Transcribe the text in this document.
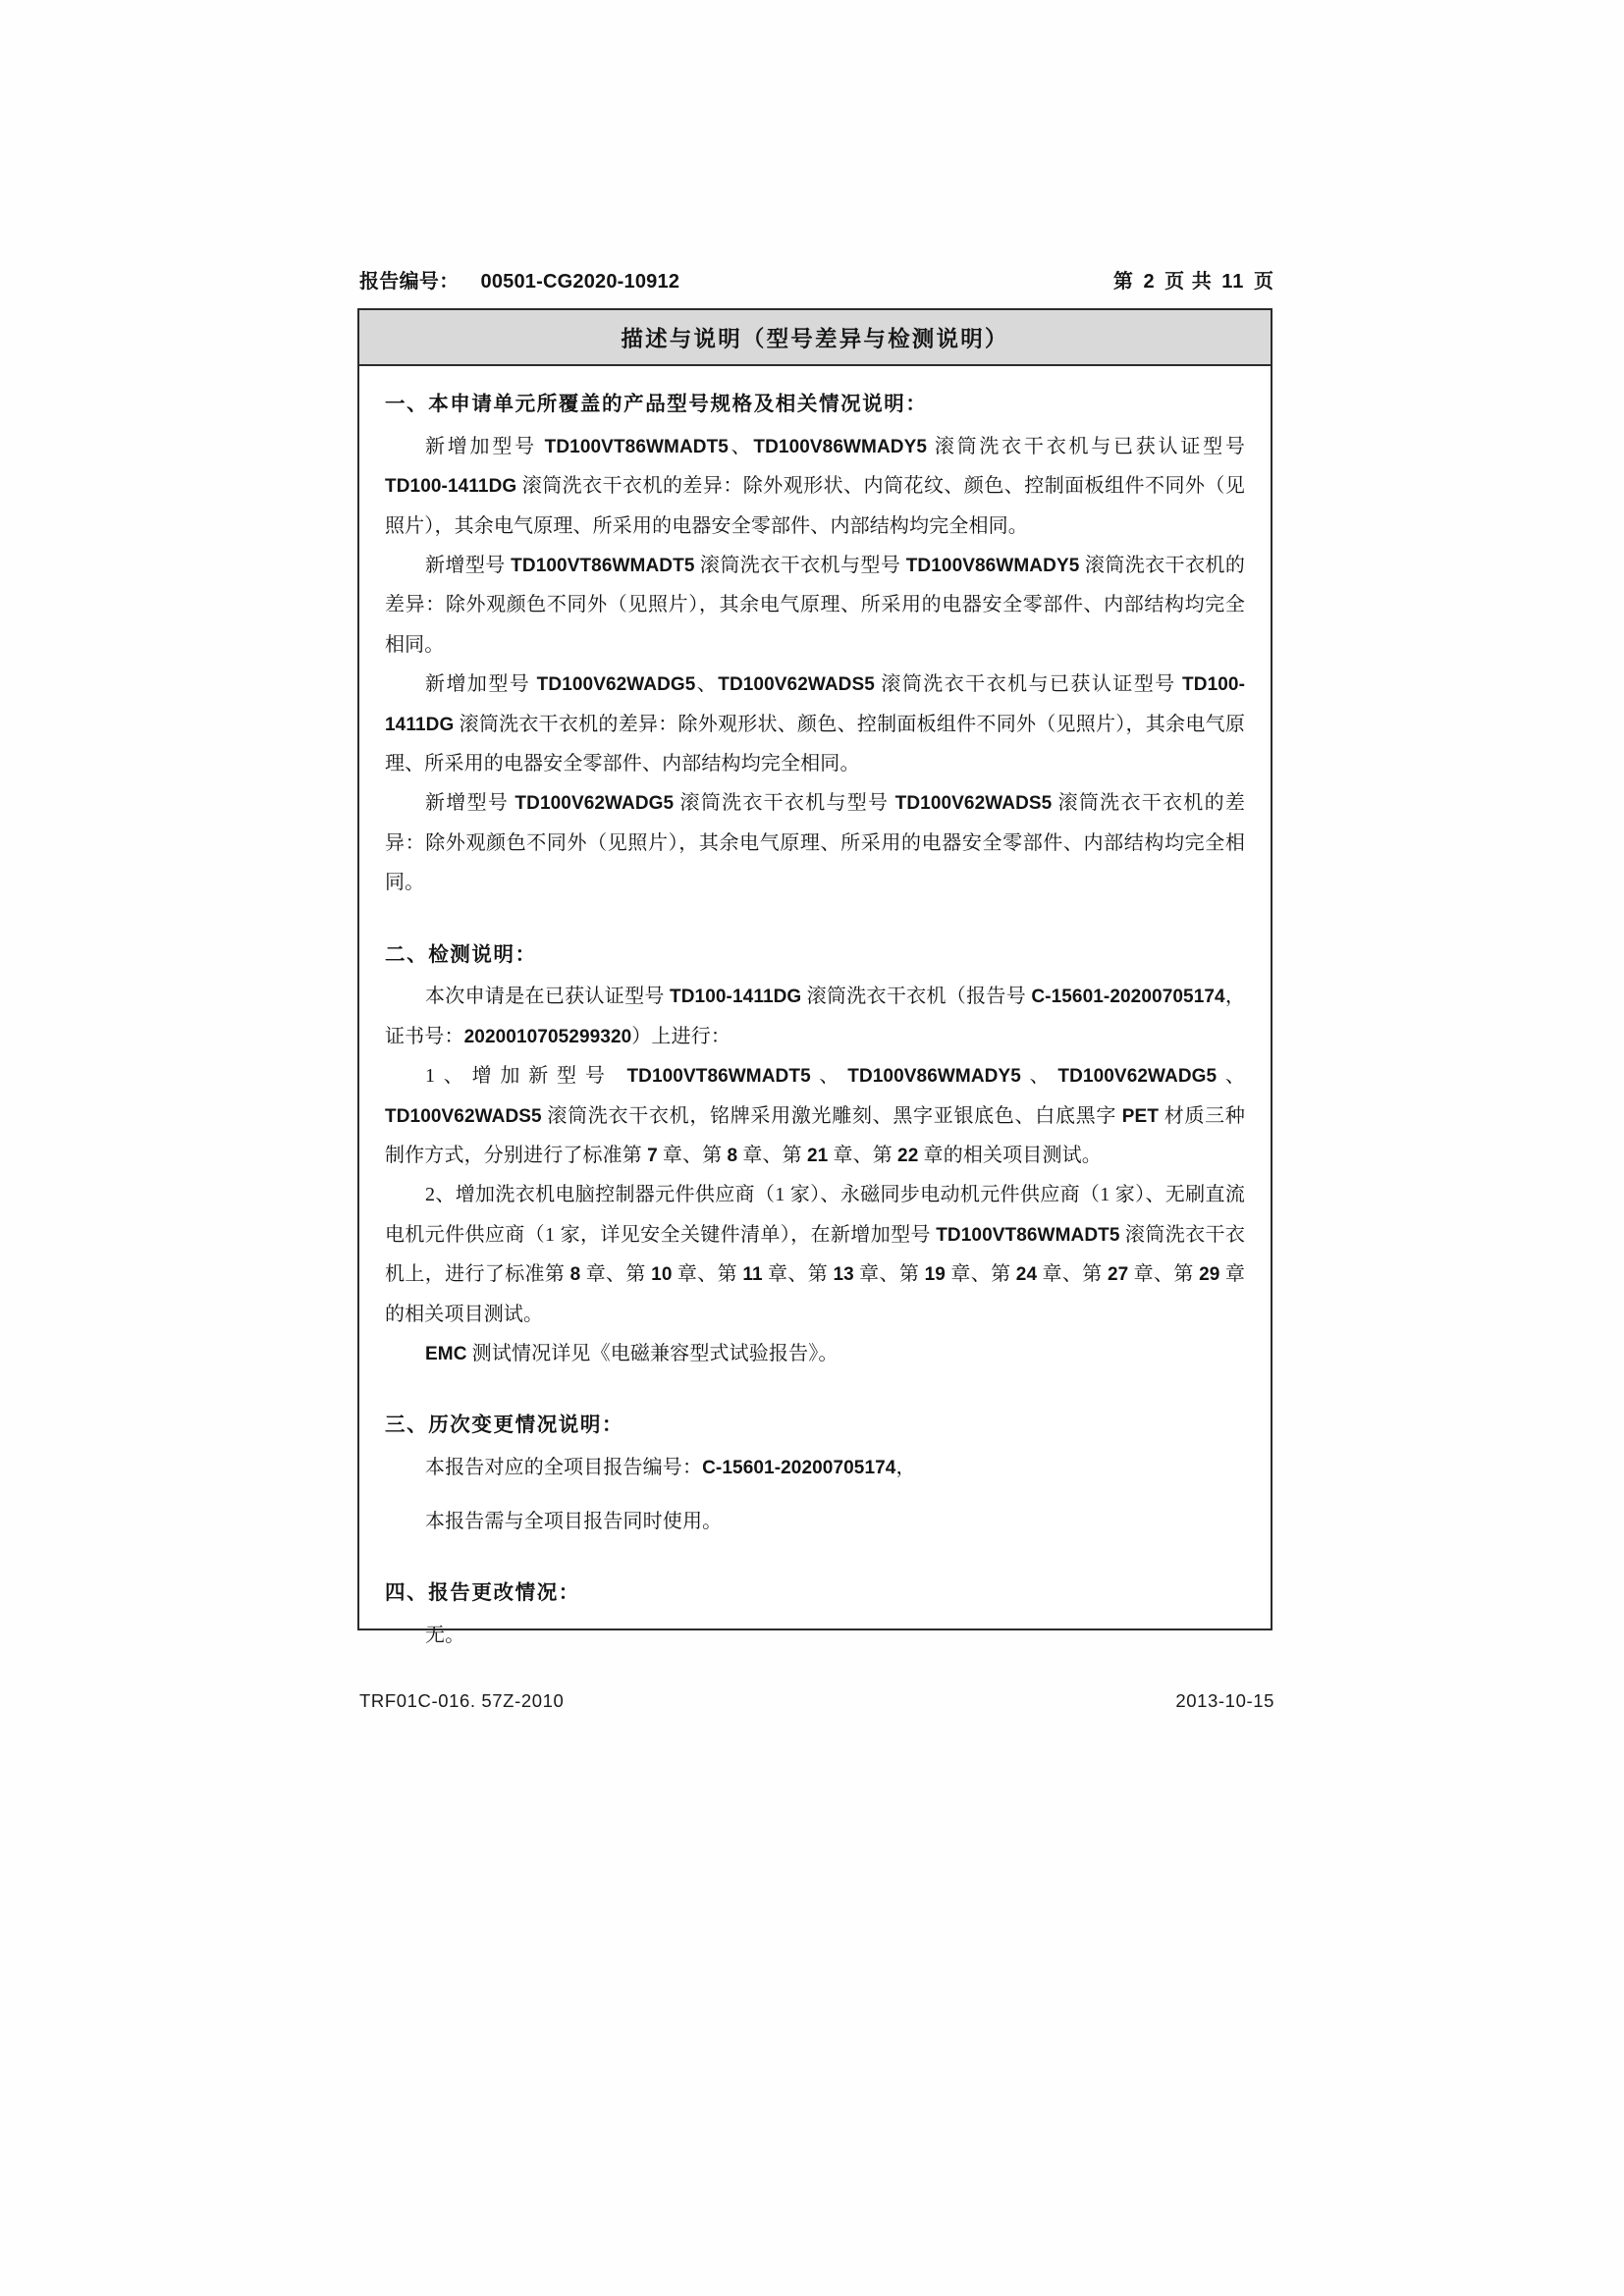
报告编号： 00501-CG2020-10912	第 2 页 共 11 页
描述与说明（型号差异与检测说明）
一、本申请单元所覆盖的产品型号规格及相关情况说明：

新增加型号 TD100VT86WMADT5、TD100V86WMADY5 滚筒洗衣干衣机与已获认证型号 TD100-1411DG 滚筒洗衣干衣机的差异：除外观形状、内筒花纹、颜色、控制面板组件不同外（见照片），其余电气原理、所采用的电器安全零部件、内部结构均完全相同。

新增型号 TD100VT86WMADT5 滚筒洗衣干衣机与型号 TD100V86WMADY5 滚筒洗衣干衣机的差异：除外观颜色不同外（见照片），其余电气原理、所采用的电器安全零部件、内部结构均完全相同。

新增加型号 TD100V62WADG5、TD100V62WADS5 滚筒洗衣干衣机与已获认证型号 TD100-1411DG 滚筒洗衣干衣机的差异：除外观形状、颜色、控制面板组件不同外（见照片），其余电气原理、所采用的电器安全零部件、内部结构均完全相同。

新增型号 TD100V62WADG5 滚筒洗衣干衣机与型号 TD100V62WADS5 滚筒洗衣干衣机的差异：除外观颜色不同外（见照片），其余电气原理、所采用的电器安全零部件、内部结构均完全相同。

二、检测说明：

本次申请是在已获认证型号 TD100-1411DG 滚筒洗衣干衣机（报告号 C-15601-20200705174，证书号：2020010705299320）上进行：

1、增加新型号 TD100VT86WMADT5、TD100V86WMADY5、TD100V62WADG5、TD100V62WADS5 滚筒洗衣干衣机，铭牌采用激光雕刻、黑字亚银底色、白底黑字 PET 材质三种制作方式，分别进行了标准第 7 章、第 8 章、第 21 章、第 22 章的相关项目测试。

2、增加洗衣机电脑控制器元件供应商（1 家）、永磁同步电动机元件供应商（1 家）、无刷直流电机元件供应商（1 家，详见安全关键件清单），在新增加型号 TD100VT86WMADT5 滚筒洗衣干衣机上，进行了标准第 8 章、第 10 章、第 11 章、第 13 章、第 19 章、第 24 章、第 27 章、第 29 章的相关项目测试。

EMC 测试情况详见《电磁兼容型式试验报告》。

三、历次变更情况说明：

本报告对应的全项目报告编号：C-15601-20200705174，

本报告需与全项目报告同时使用。

四、报告更改情况：

无。

TRF01C-016. 57Z-2010	2013-10-15
